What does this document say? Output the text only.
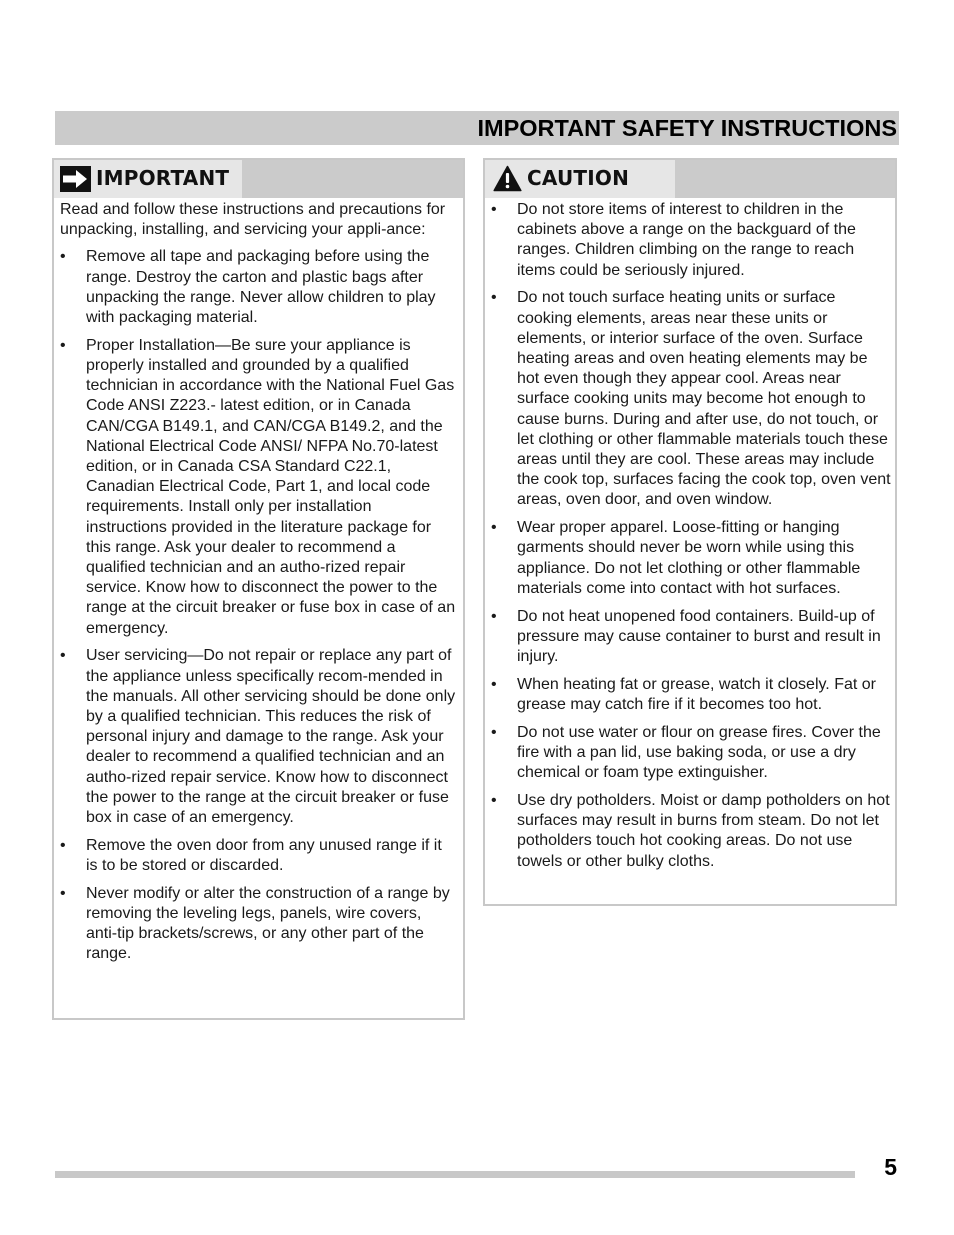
IMPORTANT SAFETY INSTRUCTIONS
IMPORTANT

Read and follow these instructions and precautions for unpacking, installing, and servicing your appli-ance:

•	Remove all tape and packaging before using the range. Destroy the carton and plastic bags after unpacking the range. Never allow children to play with packaging material.
•	Proper Installation—Be sure your appliance is properly installed and grounded by a qualified technician in accordance with the National Fuel Gas Code ANSI Z223.- latest edition, or in Canada CAN/CGA B149.1, and CAN/CGA B149.2, and the National Electrical Code ANSI/ NFPA No.70-latest edition, or in Canada CSA Standard C22.1, Canadian Electrical Code, Part 1, and local code requirements. Install only per installation instructions provided in the literature package for this range. Ask your dealer to recommend a qualified technician and an autho-rized repair service. Know how to disconnect the power to the range at the circuit breaker or fuse box in case of an emergency.
•	User servicing—Do not repair or replace any part of the appliance unless specifically recom-mended in the manuals. All other servicing should be done only by a qualified technician. This reduces the risk of personal injury and damage to the range. Ask your dealer to recommend a qualified technician and an autho-rized repair service. Know how to disconnect the power to the range at the circuit breaker or fuse box in case of an emergency.
•	Remove the oven door from any unused range if it is to be stored or discarded.
•	Never modify or alter the construction of a range by removing the leveling legs, panels, wire covers, anti-tip brackets/screws, or any other part of the range.
CAUTION
•	Do not store items of interest to children in the cabinets above a range on the backguard of the ranges. Children climbing on the range to reach items could be seriously injured.
•	Do not touch surface heating units or surface cooking elements, areas near these units or elements, or interior surface of the oven. Surface heating areas and oven heating elements may be hot even though they appear cool. Areas near surface cooking units may become hot enough to cause burns. During and after use, do not touch, or let clothing or other flammable materials touch these areas until they are cool. These areas may include the cook top, surfaces facing the cook top, oven vent areas, oven door, and oven window.
•	Wear proper apparel. Loose-fitting or hanging garments should never be worn while using this appliance. Do not let clothing or other flammable materials come into contact with hot surfaces.
•	Do not heat unopened food containers. Build-up of pressure may cause container to burst and result in injury.
•	When heating fat or grease, watch it closely. Fat or grease may catch fire if it becomes too hot.
•	Do not use water or flour on grease fires. Cover the fire with a pan lid, use baking soda, or use a dry chemical or foam type extinguisher.
•	Use dry potholders. Moist or damp potholders on hot surfaces may result in burns from steam. Do not let potholders touch hot cooking areas. Do not use towels or other bulky cloths.
5
